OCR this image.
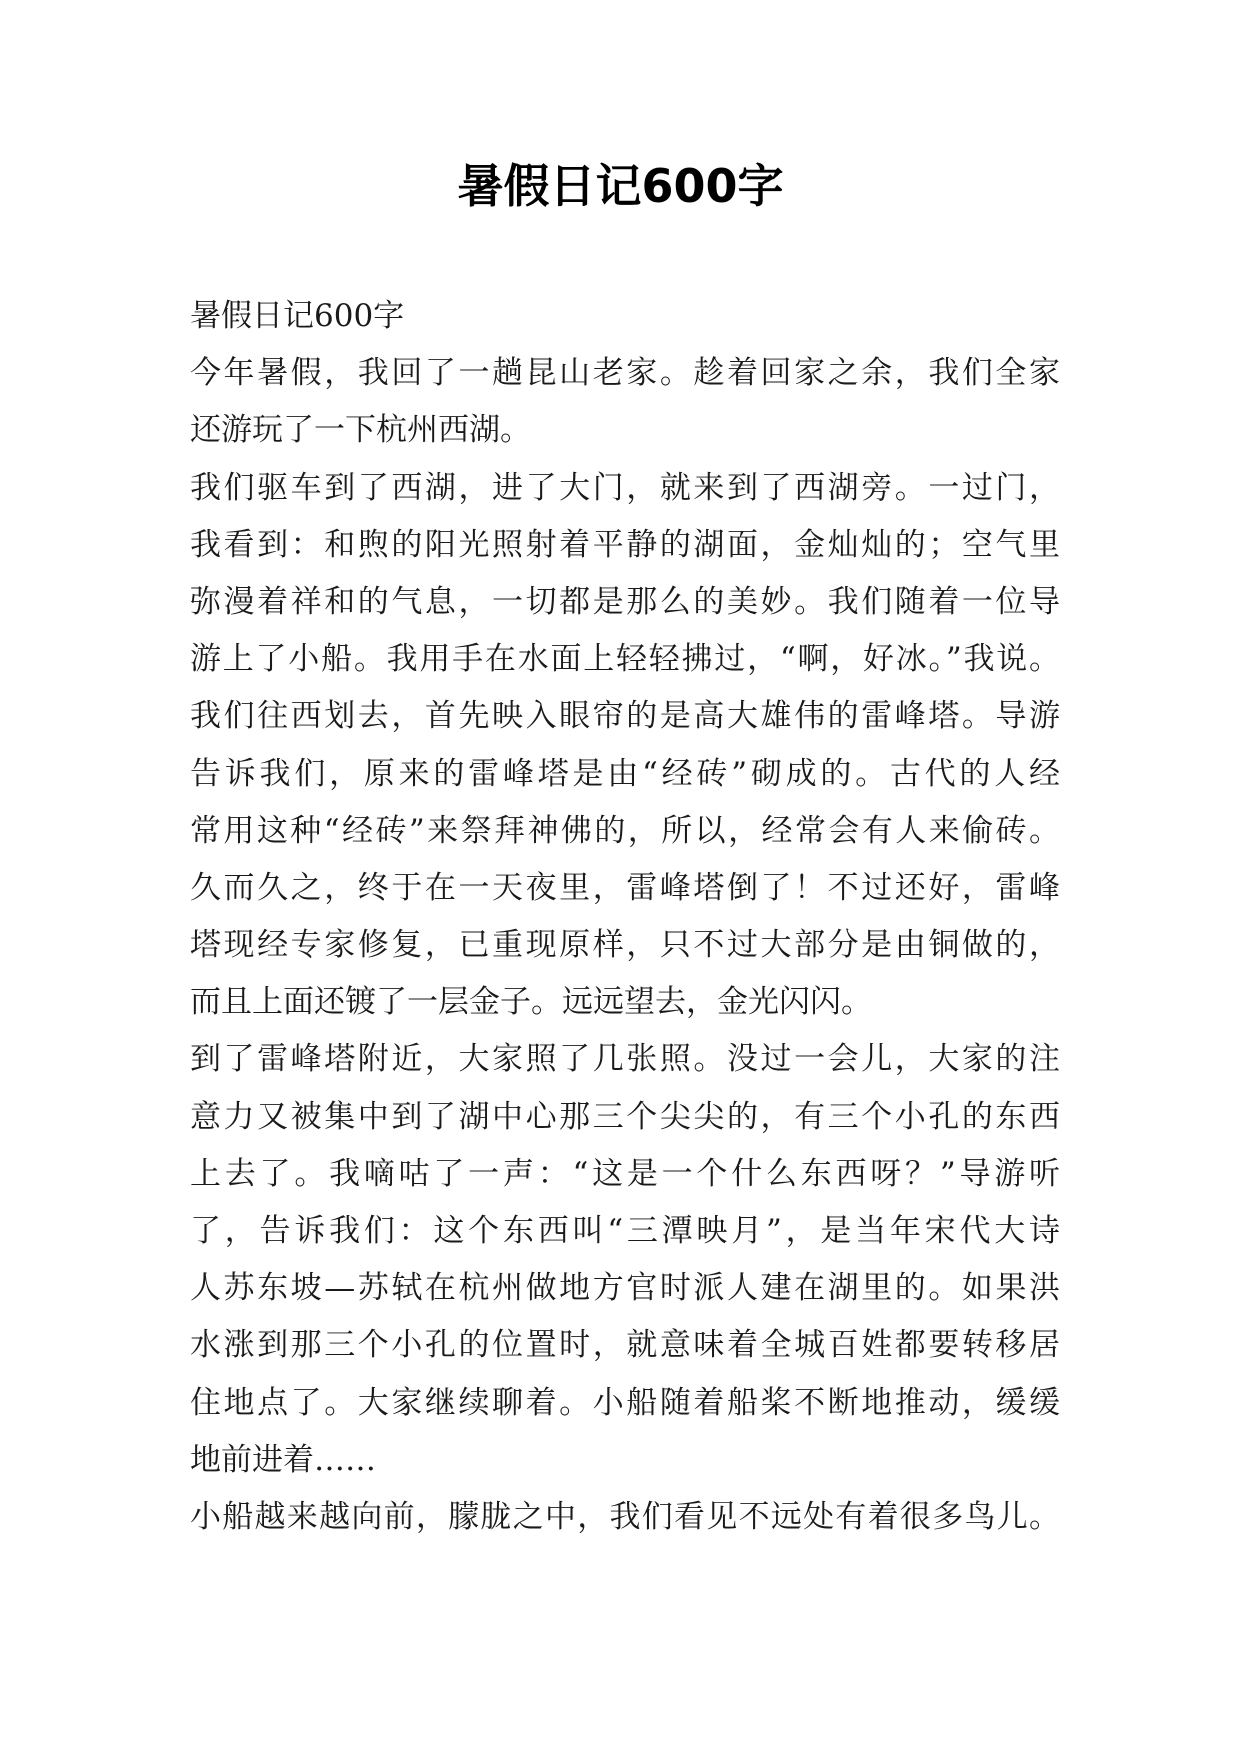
暑假日记600字
暑假日记600字
今年暑假，我回了一趟昆山老家。趁着回家之余，我们全家
还游玩了一下杭州西湖。
我们驱车到了西湖，进了大门，就来到了西湖旁。一过门，
我看到：和煦的阳光照射着平静的湖面，金灿灿的；空气里
弥漫着祥和的气息，一切都是那么的美妙。我们随着一位导
游上了小船。我用手在水面上轻轻拂过，“啊，好冰。”我说。
我们往西划去，首先映入眼帘的是高大雄伟的雷峰塔。导游
告诉我们，原来的雷峰塔是由“经砖”砌成的。古代的人经
常用这种“经砖”来祭拜神佛的，所以，经常会有人来偷砖。
久而久之，终于在一天夜里，雷峰塔倒了！不过还好，雷峰
塔现经专家修复，已重现原样，只不过大部分是由铜做的，
而且上面还镀了一层金子。远远望去，金光闪闪。
到了雷峰塔附近，大家照了几张照。没过一会儿，大家的注
意力又被集中到了湖中心那三个尖尖的，有三个小孔的东西
上去了。我嘀咕了一声：“这是一个什么东西呀？”导游听
了，告诉我们：这个东西叫“三潭映月”，是当年宋代大诗
人苏东坡—苏轼在杭州做地方官时派人建在湖里的。如果洪
水涨到那三个小孔的位置时，就意味着全城百姓都要转移居
住地点了。大家继续聊着。小船随着船桨不断地推动，缓缓
地前进着……
小船越来越向前，朦胧之中，我们看见不远处有着很多鸟儿。
